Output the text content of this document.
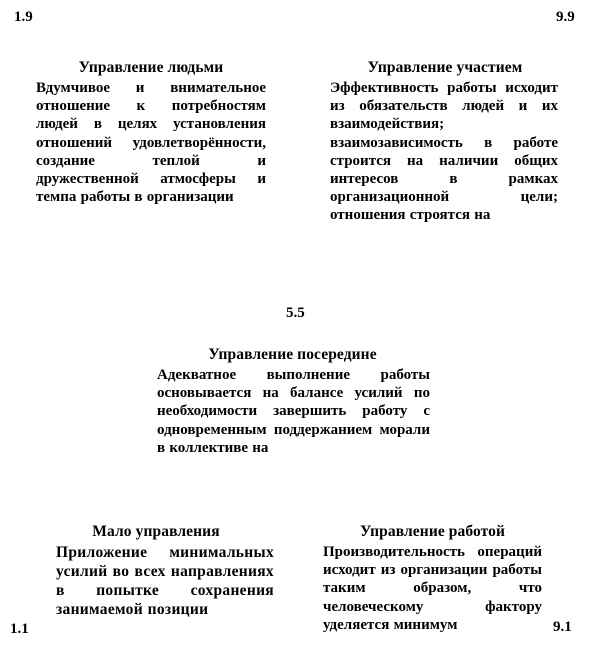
1.9	9.9
5.5
1.1	9.1
Управление людьми

Вдумчивое и внимательное отношение к потребностям людей в целях установления отношений удовлетворённости, создание теплой и дружественной атмосферы и темпа работы в организации

Управление участием

Эффективность работы исходит из обязательств людей и их взаимодействия; взаимозависимость в работе строится на наличии общих интересов в рамках организационной цели; отношения строятся на

Управление посередине

Адекватное выполнение работы основывается на балансе усилий по необходимости завершить работу с одновременным поддержанием морали в коллективе на

Мало управления

Приложение минимальных усилий во всех направлениях в попытке сохранения занимаемой позиции

Управление работой

Производительность операций исходит из организации работы таким образом, что человеческому фактору уделяется минимум
